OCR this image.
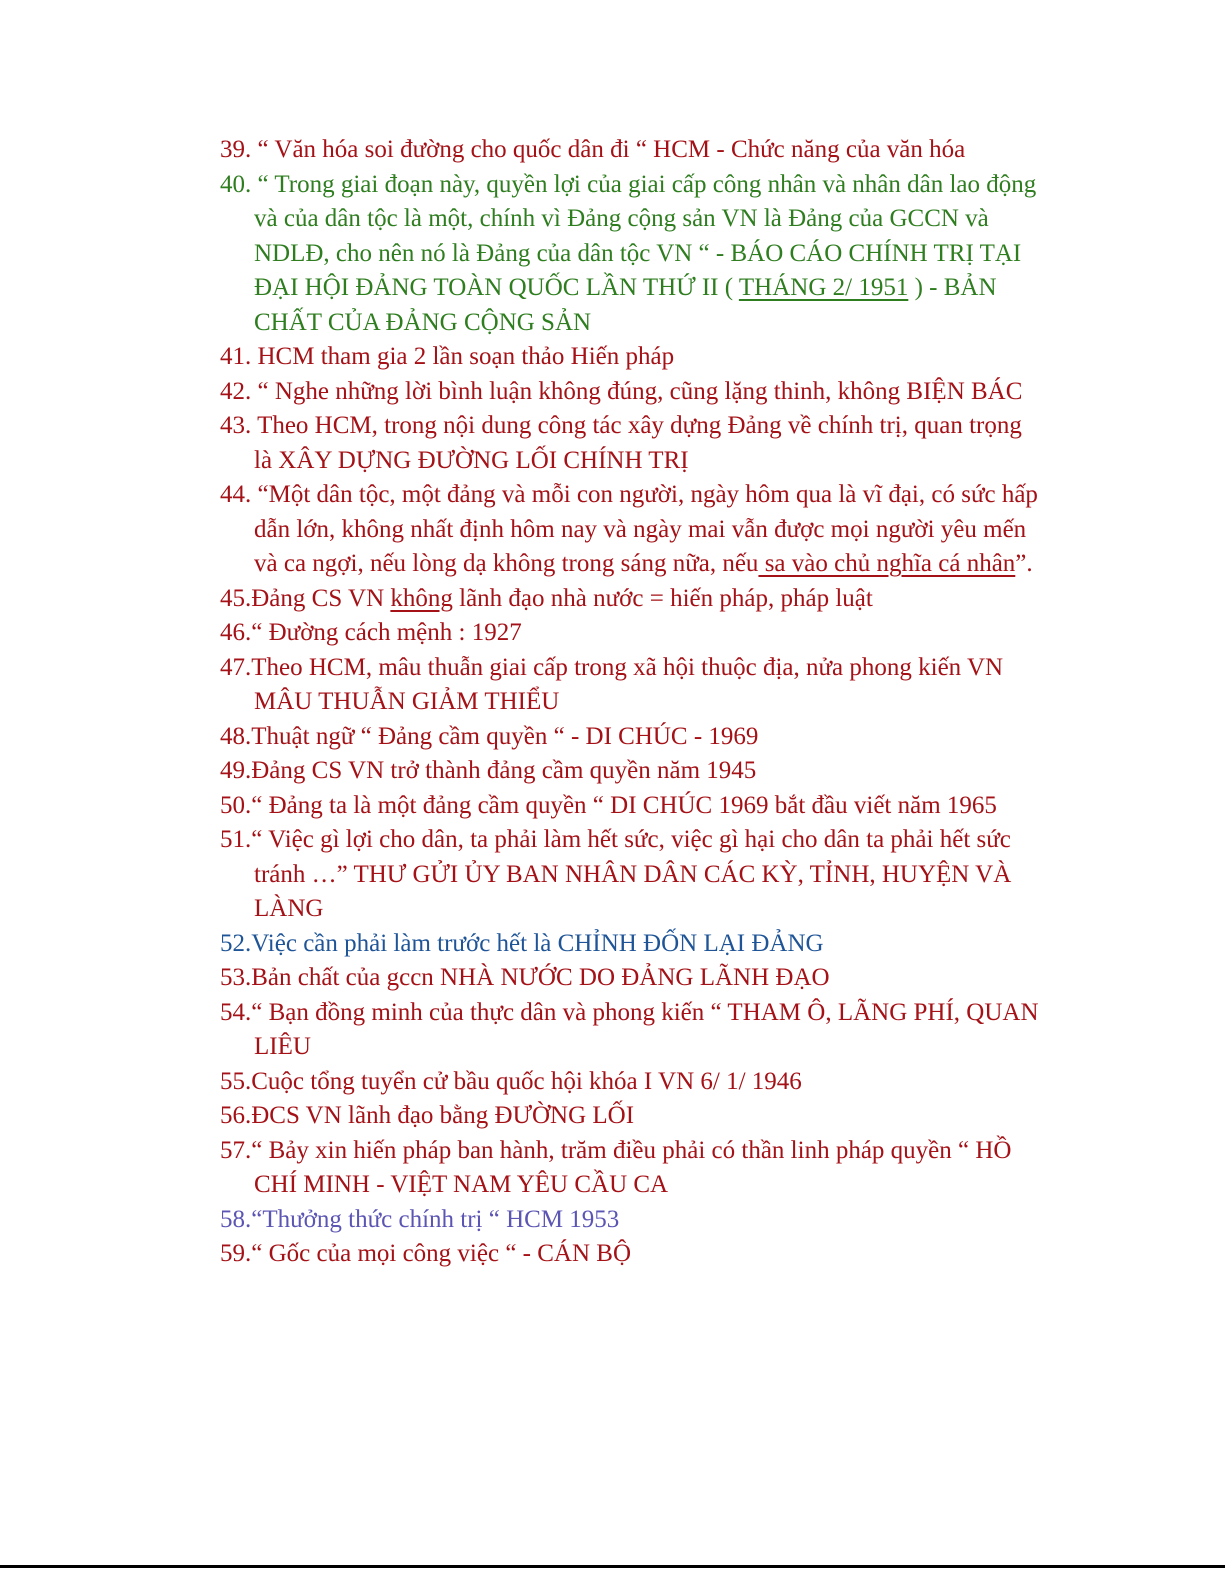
39. “ Văn hóa soi đường cho quốc dân đi “ HCM - Chức năng của văn hóa
40. “ Trong giai đoạn này, quyền lợi của giai cấp công nhân và nhân dân lao động và của dân tộc là một, chính vì Đảng cộng sản VN là Đảng của GCCN và NDLĐ, cho nên nó là Đảng của dân tộc VN “ - BÁO CÁO CHÍNH TRỊ TẠI ĐẠI HỘI ĐẢNG TOÀN QUỐC LẦN THỨ II ( THÁNG 2/ 1951 ) - BẢN CHẤT CỦA ĐẢNG CỘNG SẢN
41. HCM tham gia 2 lần soạn thảo Hiến pháp
42. “ Nghe những lời bình luận không đúng, cũng lặng thinh, không BIỆN BÁC
43. Theo HCM, trong nội dung công tác xây dựng Đảng về chính trị, quan trọng là XÂY DỰNG ĐƯỜNG LỐI CHÍNH TRỊ
44. “Một dân tộc, một đảng và mỗi con người, ngày hôm qua là vĩ đại, có sức hấp dẫn lớn, không nhất định hôm nay và ngày mai vẫn được mọi người yêu mến và ca ngợi, nếu lòng dạ không trong sáng nữa, nếu sa vào chủ nghĩa cá nhân”.
45.Đảng CS VN không lãnh đạo nhà nước = hiến pháp, pháp luật
46.“ Đường cách mệnh : 1927
47.Theo HCM, mâu thuẫn giai cấp trong xã hội thuộc địa, nửa phong kiến VN MÂU THUẪN GIẢM THIỂU
48.Thuật ngữ “ Đảng cầm quyền “ - DI CHÚC - 1969
49.Đảng CS VN trở thành đảng cầm quyền năm 1945
50.“ Đảng ta là một đảng cầm quyền “ DI CHÚC 1969 bắt đầu viết năm 1965
51.“ Việc gì lợi cho dân, ta phải làm hết sức, việc gì hại cho dân ta phải hết sức tránh …” THƯ GỬI ỦY BAN NHÂN DÂN CÁC KỲ, TỈNH, HUYỆN VÀ LÀNG
52.Việc cần phải làm trước hết là CHỈNH ĐỐN LẠI ĐẢNG
53.Bản chất của gccn NHÀ NƯỚC DO ĐẢNG LÃNH ĐẠO
54.“ Bạn đồng minh của thực dân và phong kiến “ THAM Ô, LÃNG PHÍ, QUAN LIÊU
55.Cuộc tổng tuyển cử bầu quốc hội khóa I VN 6/ 1/ 1946
56.ĐCS VN lãnh đạo bằng ĐƯỜNG LỐI
57.“ Bảy xin hiến pháp ban hành, trăm điều phải có thần linh pháp quyền “ HỒ CHÍ MINH - VIỆT NAM YÊU CẦU CA
58.“Thưởng thức chính trị “ HCM 1953
59.“ Gốc của mọi công việc “ - CÁN BỘ
